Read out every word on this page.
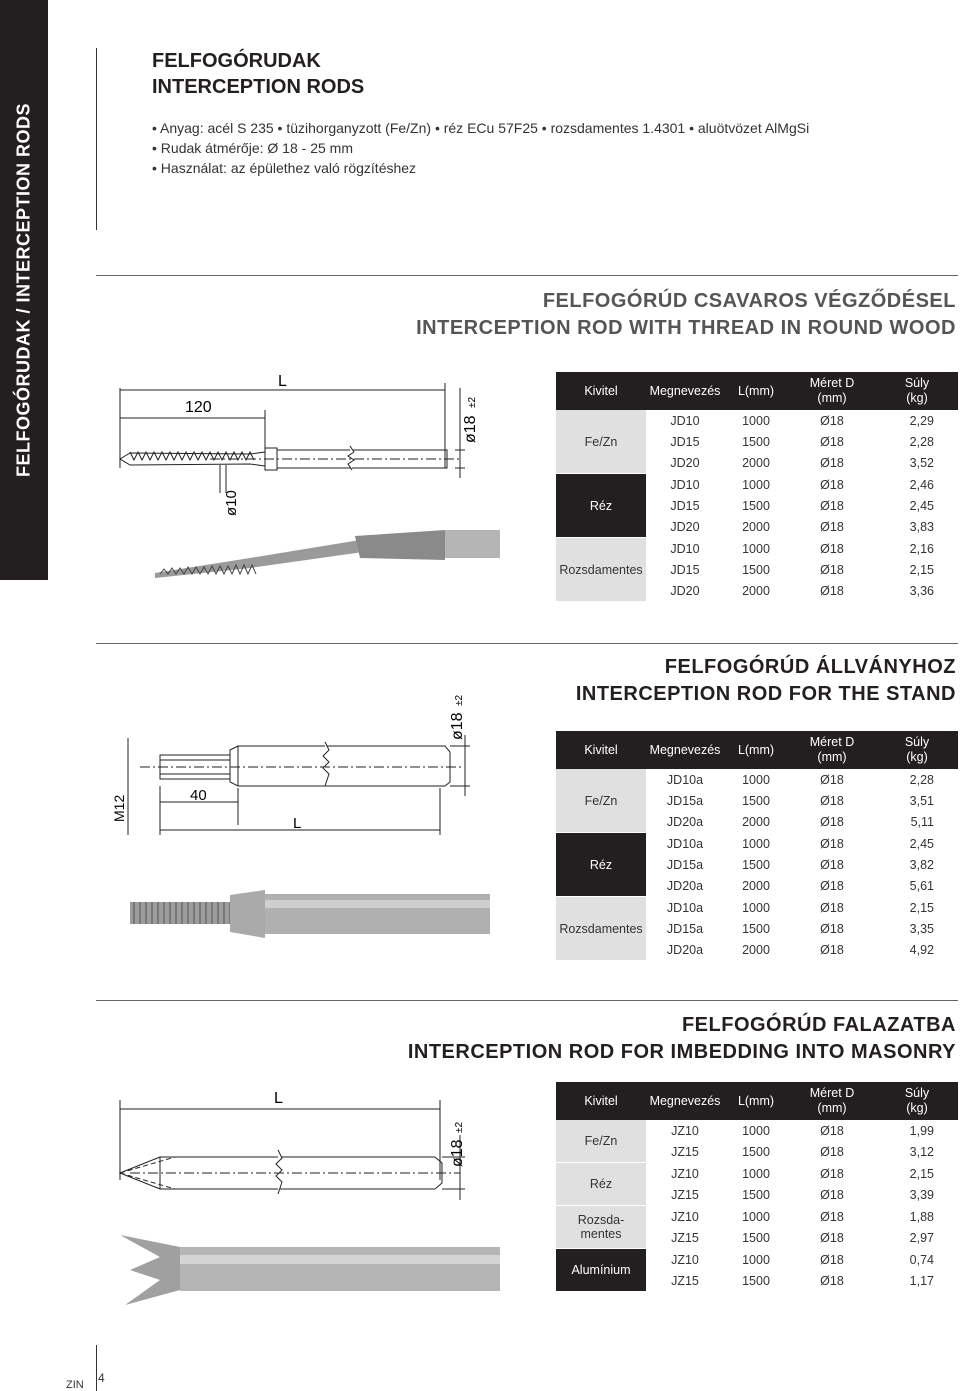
FELFOGÓRUDAK / INTERCEPTION RODS
FELFOGÓRUDAK
INTERCEPTION RODS
• Anyag: acél S 235 • tüzihorganyzott (Fe/Zn) • réz ECu 57F25 • rozsdamentes 1.4301 • aluötvözet AlMgSi
• Rudak átmérője: Ø 18 - 25 mm
• Használat: az épülethez való rögzítéshez
FELFOGÓRÚD CSAVAROS VÉGZŐDÉSEL
INTERCEPTION ROD WITH THREAD IN ROUND WOOD
120
L
ø10
ø18
±2
Kivitel	Megnevezés	L(mm)	Méret D
(mm)	Súly
(kg)
Fe/Zn	JD10	1000	Ø18	2,29
	JD15	1500	Ø18	2,28
	JD20	2000	Ø18	3,52
Réz	JD10	1000	Ø18	2,46
	JD15	1500	Ø18	2,45
	JD20	2000	Ø18	3,83
Rozsdamentes	JD10	1000	Ø18	2,16
	JD15	1500	Ø18	2,15
	JD20	2000	Ø18	3,36
FELFOGÓRÚD ÁLLVÁNYHOZ
INTERCEPTION ROD FOR THE STAND
M12	40
L
ø18
±2
Kivitel	Megnevezés	L(mm)	Méret D
(mm)	Súly
(kg)
Fe/Zn	JD10a	1000	Ø18	2,28
	JD15a	1500	Ø18	3,51
	JD20a	2000	Ø18	5,11
Réz	JD10a	1000	Ø18	2,45
	JD15a	1500	Ø18	3,82
	JD20a	2000	Ø18	5,61
Rozsdamentes	JD10a	1000	Ø18	2,15
	JD15a	1500	Ø18	3,35
	JD20a	2000	Ø18	4,92
FELFOGÓRÚD FALAZATBA
INTERCEPTION ROD FOR IMBEDDING INTO MASONRY
L
ø18
±2
Kivitel	Megnevezés	L(mm)	Méret D
(mm)	Súly
(kg)
Fe/Zn	JZ10	1000	Ø18	1,99
	JZ15	1500	Ø18	3,12
Réz	JZ10	1000	Ø18	2,15
	JZ15	1500	Ø18	3,39
Rozsda-
mentes	JZ10	1000	Ø18	1,88
	JZ15	1500	Ø18	2,97
Alumínium	JZ10	1000	Ø18	0,74
	JZ15	1500	Ø18	1,17
ZIN 4
